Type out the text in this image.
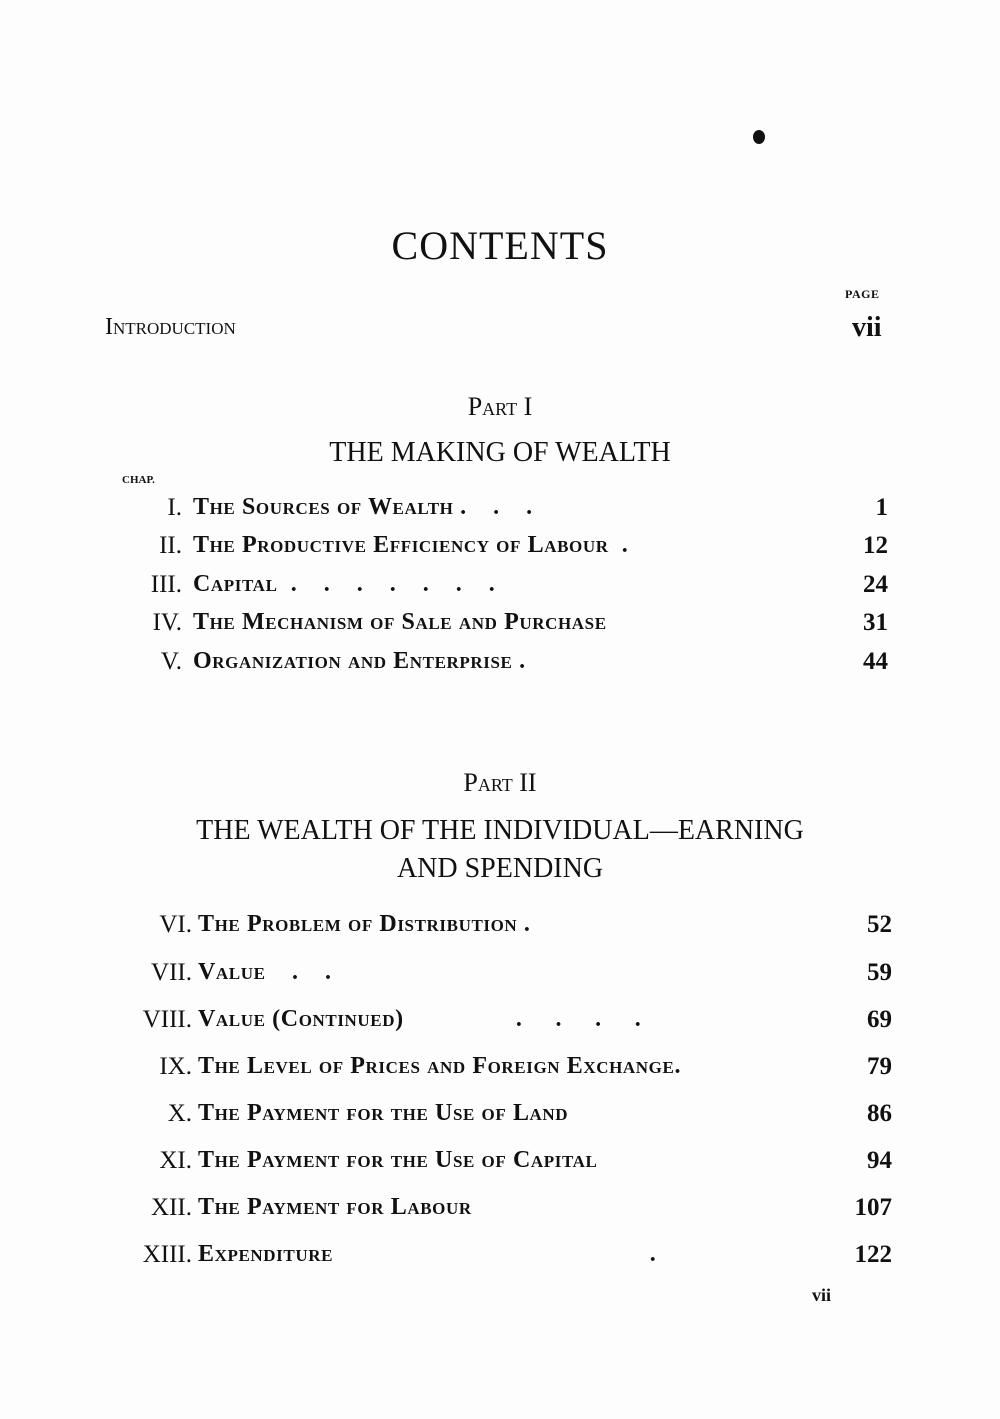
CONTENTS
PAGE
Introduction	vii
Part I
THE MAKING OF WEALTH
CHAP.
I. The Sources of Wealth .    .    .	1
II. The Productive Efficiency of Labour  .	12
III. Capital  .    .    .    .    .    .    .	24
IV. The Mechanism of Sale and Purchase	31
V. Organization and Enterprise .	44
Part II
THE WEALTH OF THE INDIVIDUAL—EARNING
AND SPENDING
VI. The Problem of Distribution .	52
VII. Value    .    .	59
VIII. Value (Continued)                 .     .     .     .	69
IX. The Level of Prices and Foreign Exchange.	79
X. The Payment for the Use of Land	86
XI. The Payment for the Use of Capital	94
XII. The Payment for Labour	107
XIII. Expenditure                                                .	122
vii
